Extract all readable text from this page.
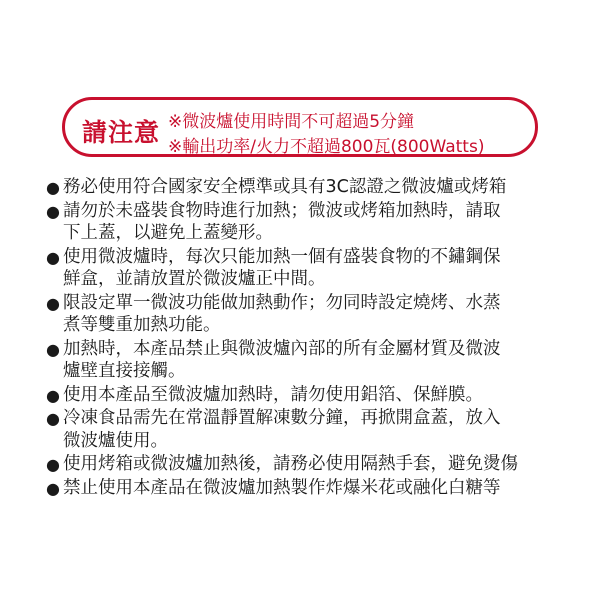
請注意 ※微波爐使用時間不可超過5分鐘
※輸出功率/火力不超過800瓦(800Watts)
● 務必使用符合國家安全標準或具有3C認證之微波爐或烤箱
● 請勿於未盛裝食物時進行加熱；微波或烤箱加熱時，請取
下上蓋，以避免上蓋變形。
● 使用微波爐時，每次只能加熱一個有盛裝食物的不鏽鋼保
鮮盒，並請放置於微波爐正中間。
● 限設定單一微波功能做加熱動作；勿同時設定燒烤、水蒸
煮等雙重加熱功能。
● 加熱時，本產品禁止與微波爐內部的所有金屬材質及微波
爐壁直接接觸。
● 使用本產品至微波爐加熱時，請勿使用鋁箔、保鮮膜。
● 冷凍食品需先在常溫靜置解凍數分鐘，再掀開盒蓋，放入
微波爐使用。
● 使用烤箱或微波爐加熱後，請務必使用隔熱手套，避免燙傷
● 禁止使用本產品在微波爐加熱製作炸爆米花或融化白糖等
